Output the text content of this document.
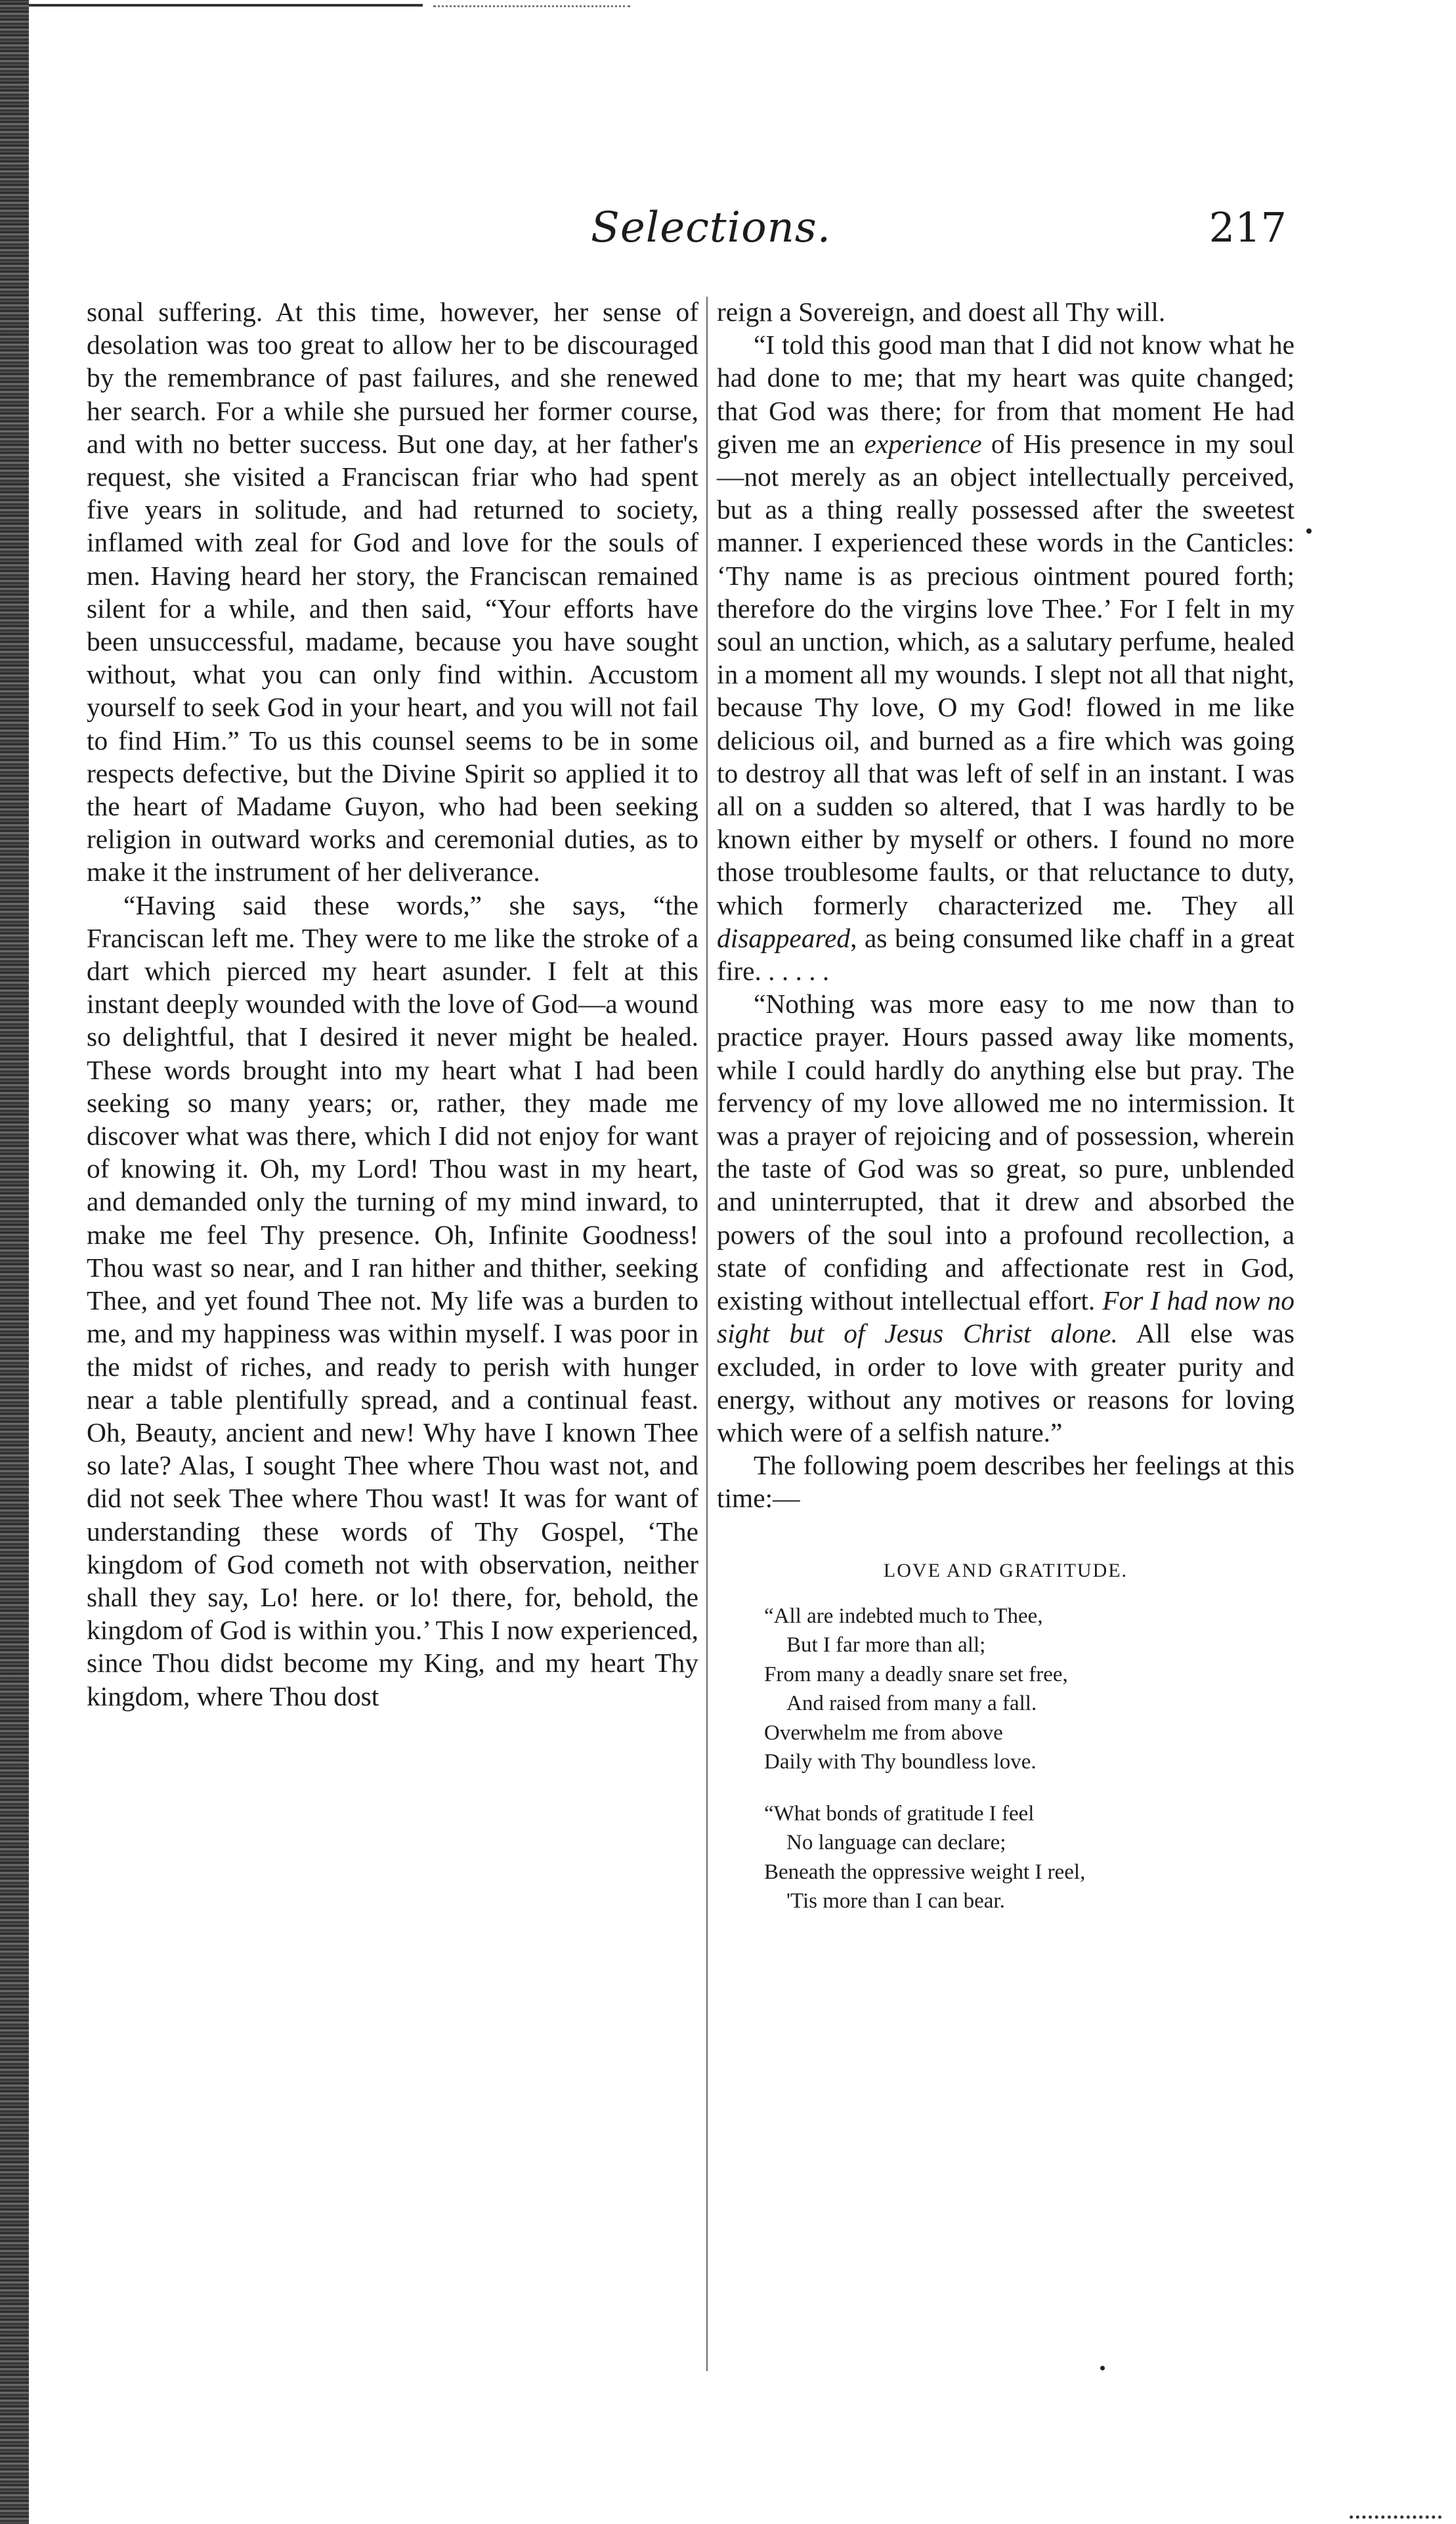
Selections.	217

sonal suffering. At this time, however, her sense of desolation was too great to allow her to be discouraged by the remembrance of past failures, and she renewed her search. For a while she pursued her former course, and with no better success. But one day, at her father's request, she visited a Franciscan friar who had spent five years in solitude, and had returned to society, inflamed with zeal for God and love for the souls of men. Having heard her story, the Franciscan remained silent for a while, and then said, “Your efforts have been unsuccessful, madame, because you have sought without, what you can only find within. Accustom yourself to seek God in your heart, and you will not fail to find Him.” To us this counsel seems to be in some respects defective, but the Divine Spirit so applied it to the heart of Madame Guyon, who had been seeking religion in outward works and ceremonial duties, as to make it the instrument of her deliverance.

“Having said these words,” she says, “the Franciscan left me. They were to me like the stroke of a dart which pierced my heart asunder. I felt at this instant deeply wounded with the love of God—a wound so delightful, that I desired it never might be healed. These words brought into my heart what I had been seeking so many years; or, rather, they made me discover what was there, which I did not enjoy for want of knowing it. Oh, my Lord! Thou wast in my heart, and demanded only the turning of my mind inward, to make me feel Thy presence. Oh, Infinite Goodness! Thou wast so near, and I ran hither and thither, seeking Thee, and yet found Thee not. My life was a burden to me, and my happiness was within myself. I was poor in the midst of riches, and ready to perish with hunger near a table plentifully spread, and a continual feast. Oh, Beauty, ancient and new! Why have I known Thee so late? Alas, I sought Thee where Thou wast not, and did not seek Thee where Thou wast! It was for want of understanding these words of Thy Gospel, ‘The kingdom of God cometh not with observation, neither shall they say, Lo! here. or lo! there, for, behold, the kingdom of God is within you.’ This I now experienced, since Thou didst become my King, and my heart Thy kingdom, where Thou dost

reign a Sovereign, and doest all Thy will.

“I told this good man that I did not know what he had done to me; that my heart was quite changed; that God was there; for from that moment He had given me an experience of His presence in my soul—not merely as an object intellectually perceived, but as a thing really possessed after the sweetest manner. I experienced these words in the Canticles: ‘Thy name is as precious ointment poured forth; therefore do the virgins love Thee.’ For I felt in my soul an unction, which, as a salutary perfume, healed in a moment all my wounds. I slept not all that night, because Thy love, O my God! flowed in me like delicious oil, and burned as a fire which was going to destroy all that was left of self in an instant. I was all on a sudden so altered, that I was hardly to be known either by myself or others. I found no more those troublesome faults, or that reluctance to duty, which formerly characterized me. They all disappeared, as being consumed like chaff in a great fire. . . . . .

“Nothing was more easy to me now than to practice prayer. Hours passed away like moments, while I could hardly do anything else but pray. The fervency of my love allowed me no intermission. It was a prayer of rejoicing and of possession, wherein the taste of God was so great, so pure, unblended and uninterrupted, that it drew and absorbed the powers of the soul into a profound recollection, a state of confiding and affectionate rest in God, existing without intellectual effort. For I had now no sight but of Jesus Christ alone. All else was excluded, in order to love with greater purity and energy, without any motives or reasons for loving which were of a selfish nature.”

The following poem describes her feelings at this time:—

LOVE AND GRATITUDE.
“All are indebted much to Thee,
But I far more than all;
From many a deadly snare set free,
And raised from many a fall.
Overwhelm me from above
Daily with Thy boundless love.
“What bonds of gratitude I feel
No language can declare;
Beneath the oppressive weight I reel,
'Tis more than I can bear.
